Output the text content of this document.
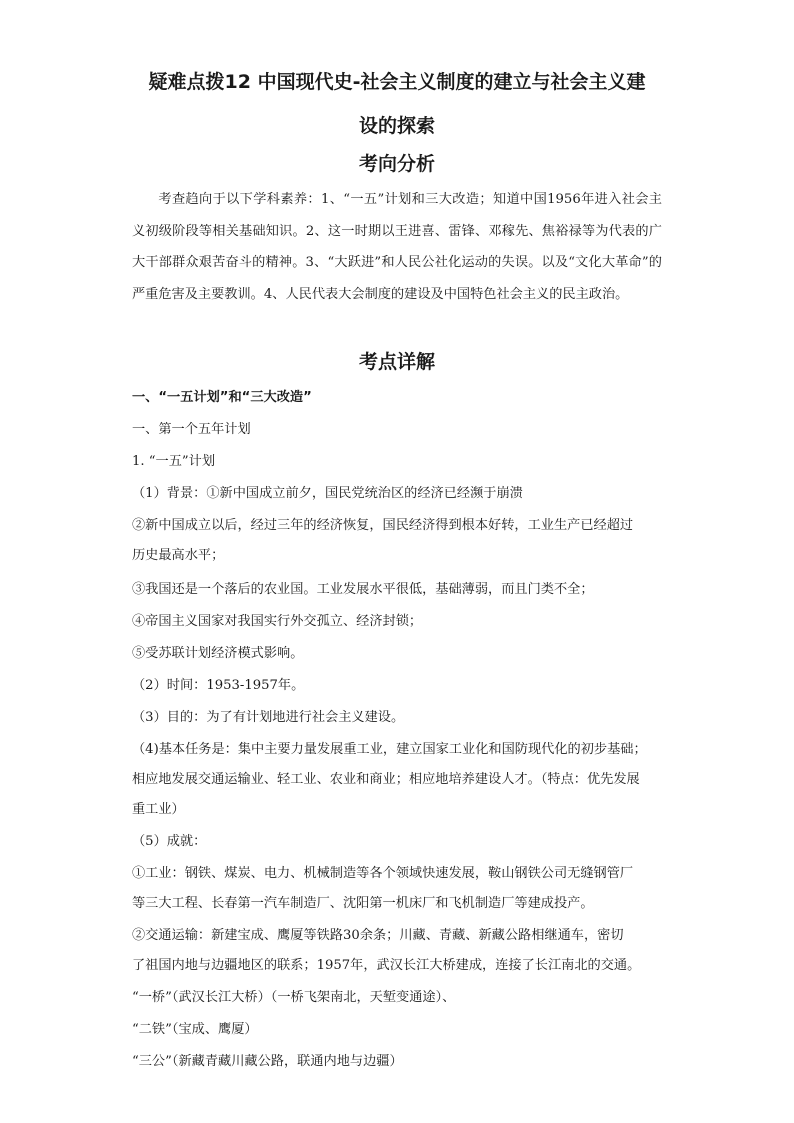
疑难点拨12 中国现代史-社会主义制度的建立与社会主义建
设的探索
考向分析
考查趋向于以下学科素养：1、“一五”计划和三大改造；知道中国1956年进入社会主义初级阶段等相关基础知识。2、这一时期以王进喜、雷锋、邓稼先、焦裕禄等为代表的广大干部群众艰苦奋斗的精神。3、“大跃进”和人民公社化运动的失误。以及“文化大革命”的严重危害及主要教训。4、人民代表大会制度的建设及中国特色社会主义的民主政治。
考点详解
一、“一五计划”和“三大改造”
一、第一个五年计划
1. “一五”计划
（1）背景：①新中国成立前夕，国民党统治区的经济已经濒于崩溃
②新中国成立以后，经过三年的经济恢复，国民经济得到根本好转，工业生产已经超过
历史最高水平；
③我国还是一个落后的农业国。工业发展水平很低，基础薄弱，而且门类不全；
④帝国主义国家对我国实行外交孤立、经济封锁；
⑤受苏联计划经济模式影响。
（2）时间：1953-1957年。
（3）目的：为了有计划地进行社会主义建设。
（4)基本任务是：集中主要力量发展重工业，建立国家工业化和国防现代化的初步基础；
相应地发展交通运输业、轻工业、农业和商业；相应地培养建设人才。（特点：优先发展
重工业）
（5）成就：
①工业：钢铁、煤炭、电力、机械制造等各个领域快速发展，鞍山钢铁公司无缝钢管厂
等三大工程、长春第一汽车制造厂、沈阳第一机床厂和飞机制造厂等建成投产。
②交通运输：新建宝成、鹰厦等铁路30余条；川藏、青藏、新藏公路相继通车，密切
了祖国内地与边疆地区的联系；1957年，武汉长江大桥建成，连接了长江南北的交通。
“一桥”（武汉长江大桥）（一桥飞架南北，天堑变通途）、
“二铁”（宝成、鹰厦）
“三公”（新藏青藏川藏公路，联通内地与边疆）
